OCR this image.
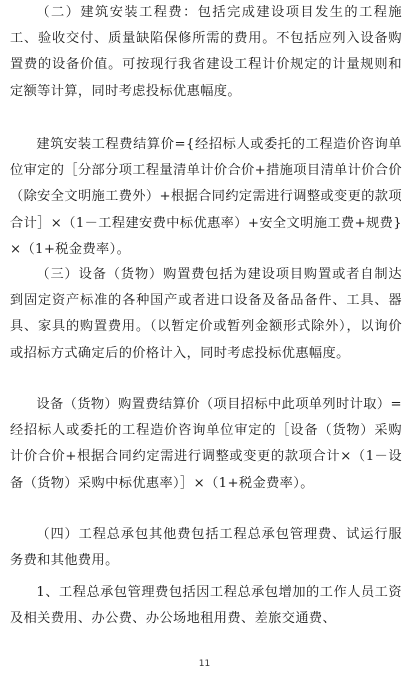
（二）建筑安装工程费：包括完成建设项目发生的工程施工、验收交付、质量缺陷保修所需的费用。不包括应列入设备购置费的设备价值。可按现行我省建设工程计价规定的计量规则和定额等计算，同时考虑投标优惠幅度。

建筑安装工程费结算价={经招标人或委托的工程造价咨询单位审定的［分部分项工程量清单计价合价+措施项目清单计价合价（除安全文明施工费外）+根据合同约定需进行调整或变更的款项合计］×（1－工程建安费中标优惠率）+安全文明施工费+规费}×（1+税金费率）。

（三）设备（货物）购置费包括为建设项目购置或者自制达到固定资产标准的各种国产或者进口设备及备品备件、工具、器具、家具的购置费用。（以暂定价或暂列金额形式除外），以询价或招标方式确定后的价格计入，同时考虑投标优惠幅度。

设备（货物）购置费结算价（项目招标中此项单列时计取）=经招标人或委托的工程造价咨询单位审定的［设备（货物）采购计价合价+根据合同约定需进行调整或变更的款项合计×（1－设备（货物）采购中标优惠率）］×（1+税金费率）。

（四）工程总承包其他费包括工程总承包管理费、试运行服务费和其他费用。

1、工程总承包管理费包括因工程总承包增加的工作人员工资及相关费用、办公费、办公场地租用费、差旅交通费、

11
